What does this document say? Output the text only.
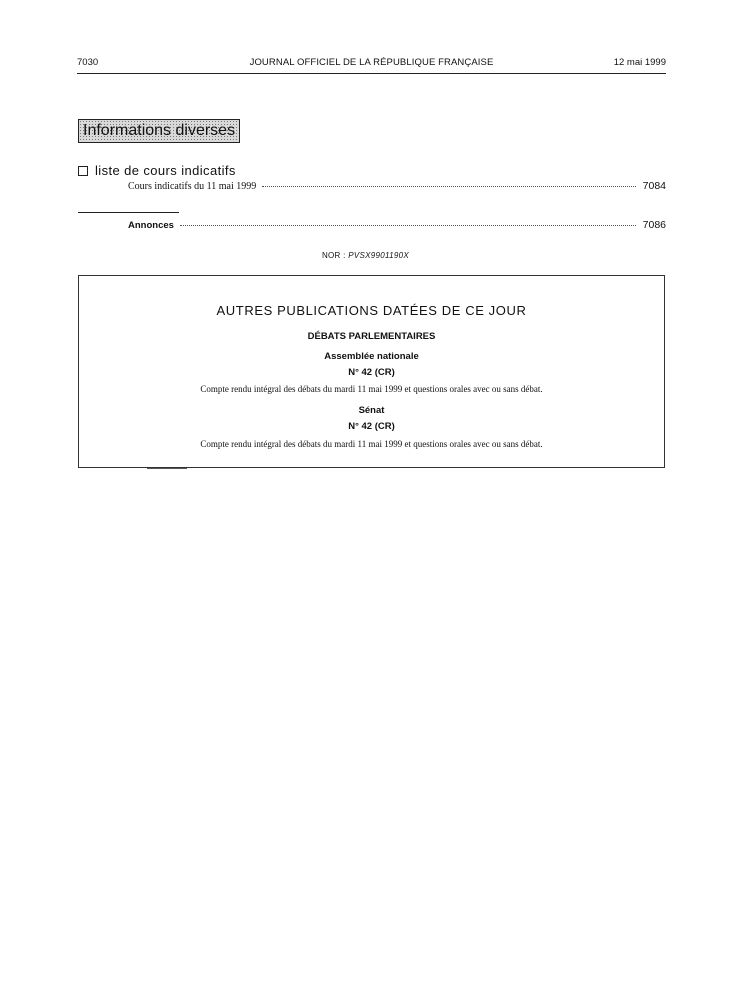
7030	JOURNAL OFFICIEL DE LA RÉPUBLIQUE FRANÇAISE	12 mai 1999
Informations diverses
liste de cours indicatifs
Cours indicatifs du 11 mai 1999	7084
Annonces	7086
NOR : PVSX9901190X
AUTRES PUBLICATIONS DATÉES DE CE JOUR
DÉBATS PARLEMENTAIRES
Assemblée nationale
N° 42 (CR)
Compte rendu intégral des débats du mardi 11 mai 1999 et questions orales avec ou sans débat.
Sénat
N° 42 (CR)
Compte rendu intégral des débats du mardi 11 mai 1999 et questions orales avec ou sans débat.
